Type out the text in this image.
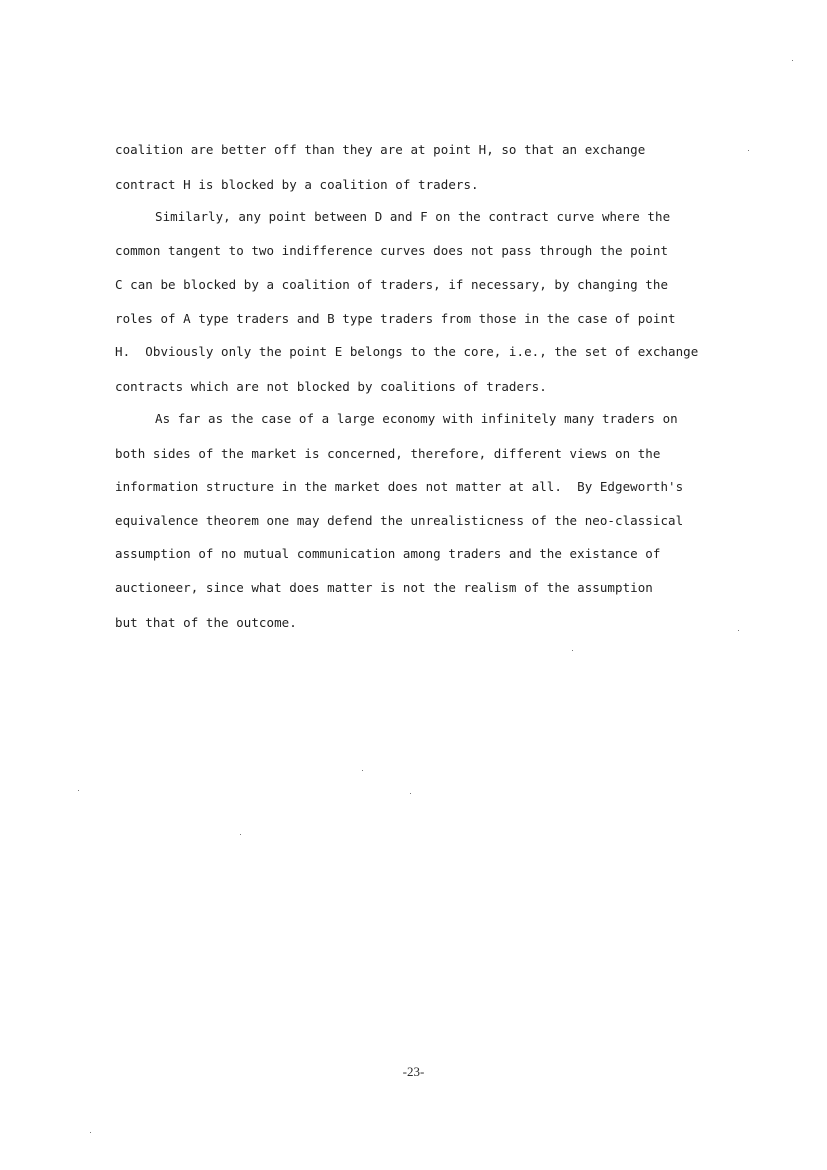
coalition are better off than they are at point H, so that an exchange
contract H is blocked by a coalition of traders.
Similarly, any point between D and F on the contract curve where the
common tangent to two indifference curves does not pass through the point
C can be blocked by a coalition of traders, if necessary, by changing the
roles of A type traders and B type traders from those in the case of point
H.  Obviously only the point E belongs to the core, i.e., the set of exchange
contracts which are not blocked by coalitions of traders.
As far as the case of a large economy with infinitely many traders on
both sides of the market is concerned, therefore, different views on the
information structure in the market does not matter at all.  By Edgeworth's
equivalence theorem one may defend the unrealisticness of the neo-classical
assumption of no mutual communication among traders and the existance of
auctioneer, since what does matter is not the realism of the assumption
but that of the outcome.
-23-
